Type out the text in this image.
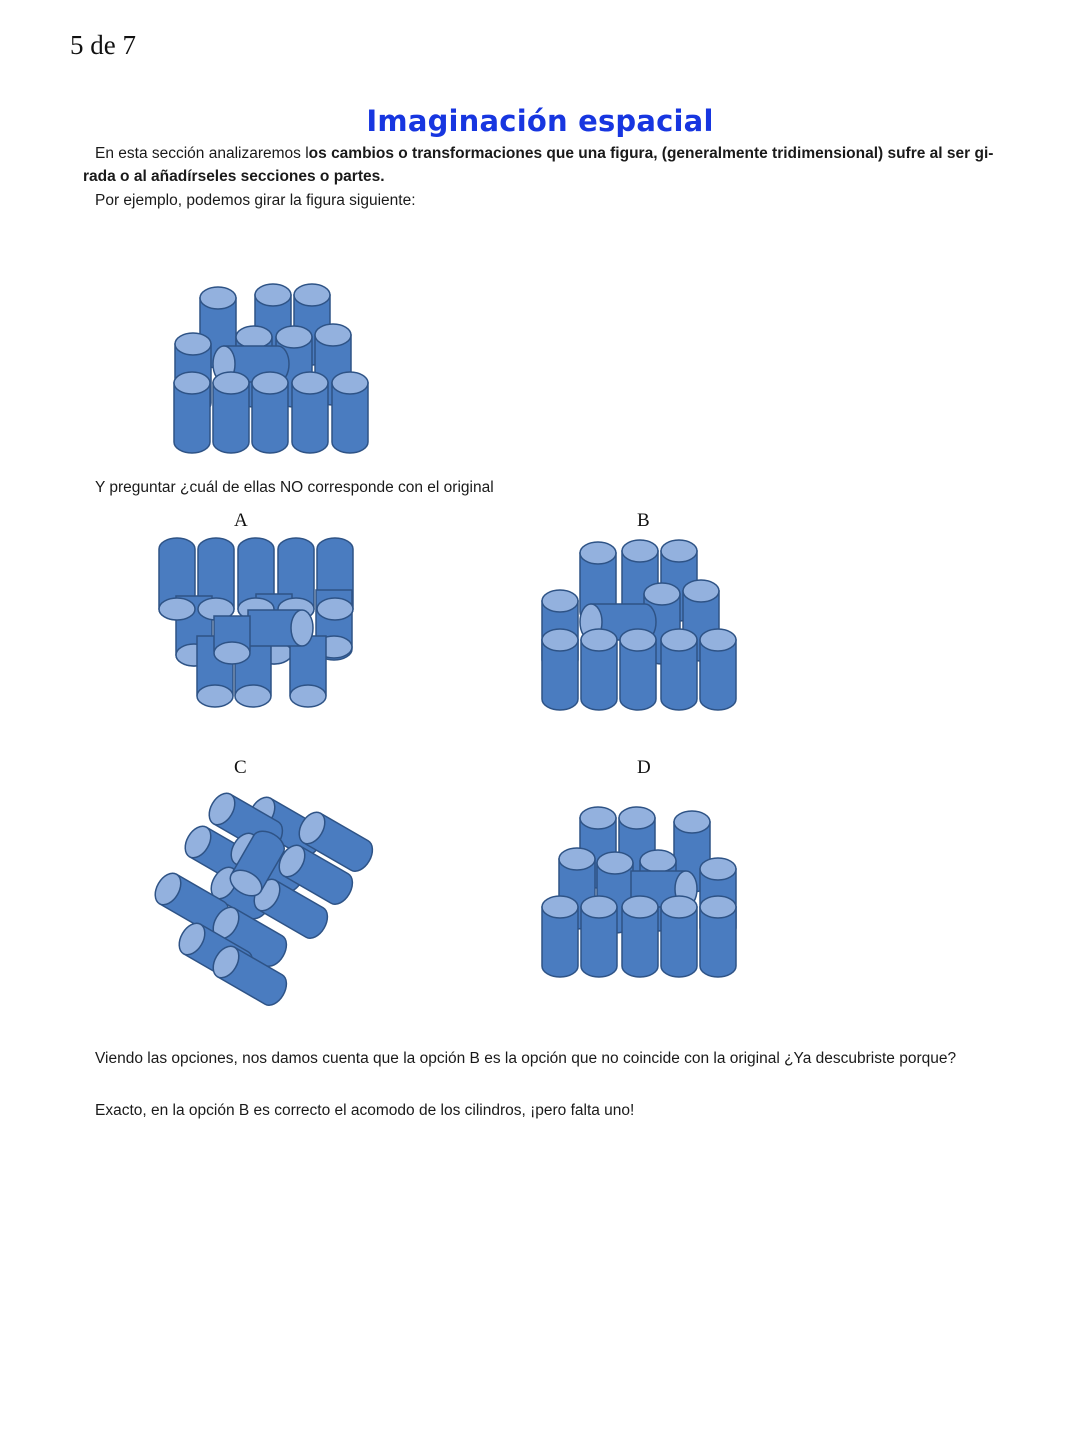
5 de 7
Imaginación espacial
En esta sección analizaremos los cambios o transformaciones que una figura, (generalmente tridimensional) sufre al ser gi-rada o al añadírseles secciones o partes.
Por ejemplo, podemos girar la figura siguiente:
Y preguntar ¿cuál de ellas NO corresponde con el original
A	B
C	D
Viendo las opciones, nos damos cuenta que la opción B es la opción que no coincide con la original ¿Ya descubriste porque?
Exacto, en la opción B es correcto el acomodo de los cilindros, ¡pero falta uno!
